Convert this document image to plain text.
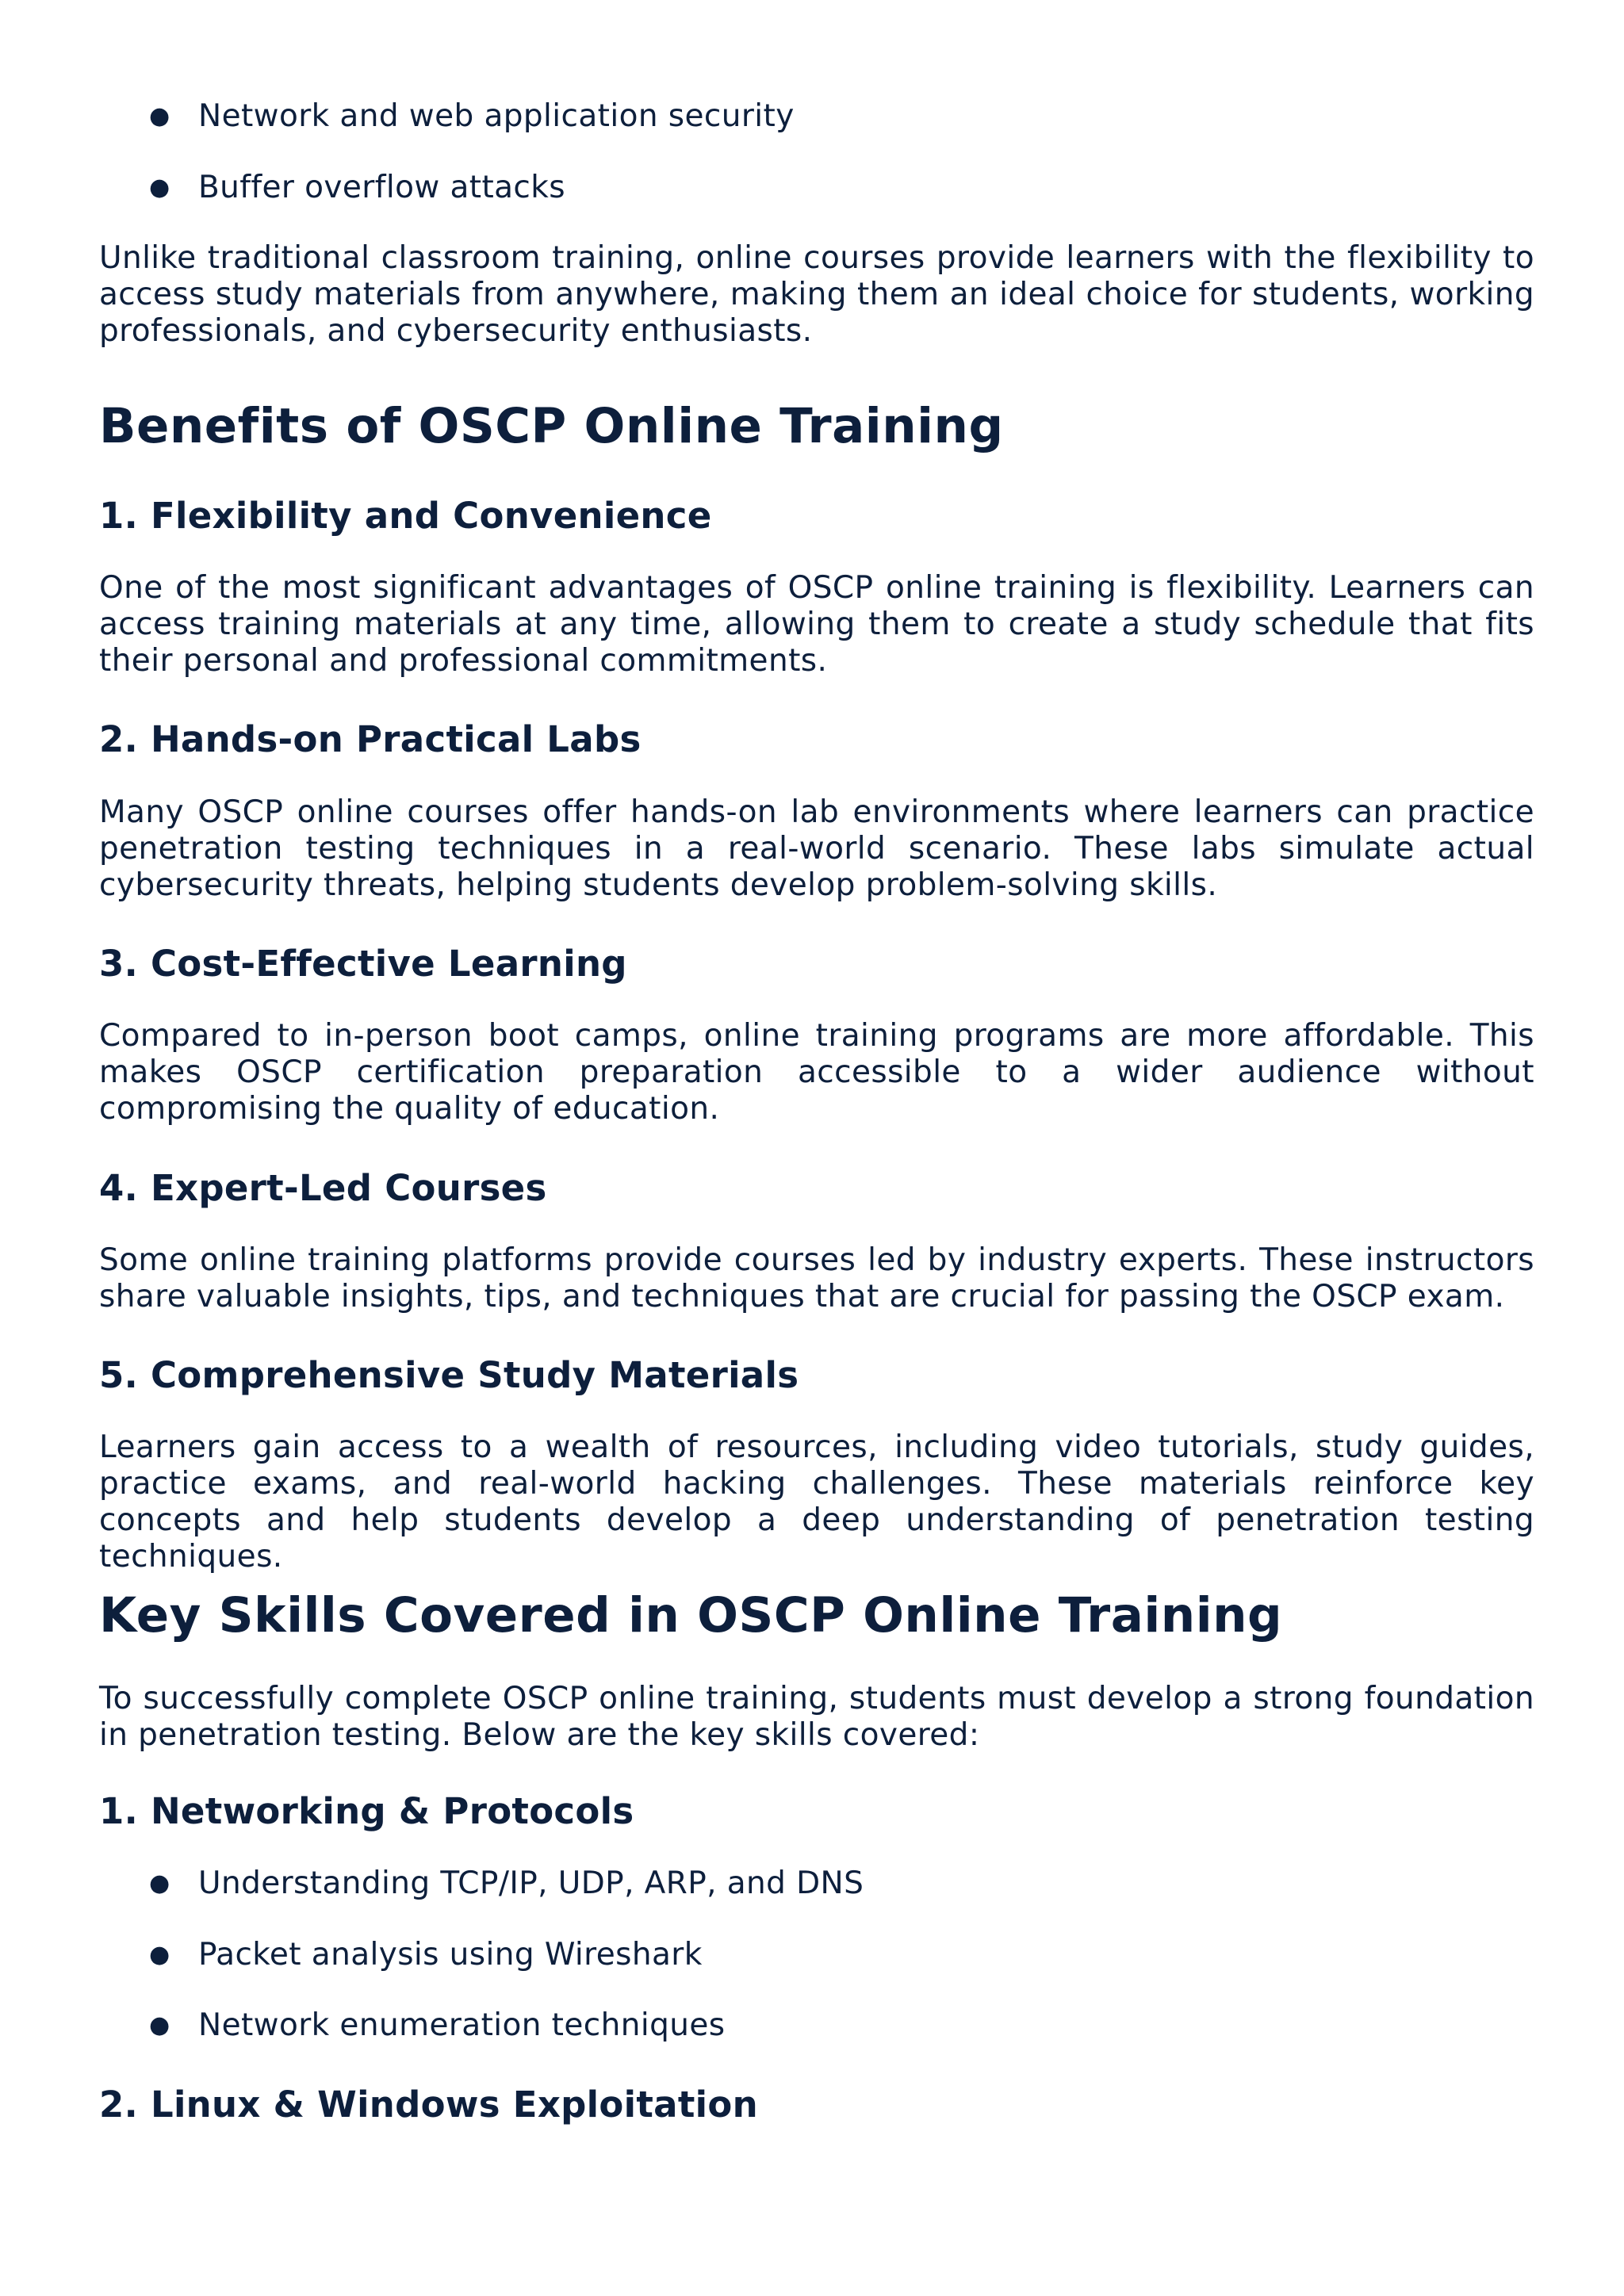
● Network and web application security
● Buffer overflow attacks

Unlike traditional classroom training, online courses provide learners with the flexibility to access study materials from anywhere, making them an ideal choice for students, working professionals, and cybersecurity enthusiasts.

Benefits of OSCP Online Training
1. Flexibility and Convenience

One of the most significant advantages of OSCP online training is flexibility. Learners can access training materials at any time, allowing them to create a study schedule that fits their personal and professional commitments.

2. Hands-on Practical Labs

Many OSCP online courses offer hands-on lab environments where learners can practice penetration testing techniques in a real-world scenario. These labs simulate actual cybersecurity threats, helping students develop problem-solving skills.

3. Cost-Effective Learning

Compared to in-person boot camps, online training programs are more affordable. This makes OSCP certification preparation accessible to a wider audience without compromising the quality of education.

4. Expert-Led Courses

Some online training platforms provide courses led by industry experts. These instructors share valuable insights, tips, and techniques that are crucial for passing the OSCP exam.

5. Comprehensive Study Materials

Learners gain access to a wealth of resources, including video tutorials, study guides, practice exams, and real-world hacking challenges. These materials reinforce key concepts and help students develop a deep understanding of penetration testing techniques.

Key Skills Covered in OSCP Online Training

To successfully complete OSCP online training, students must develop a strong foundation in penetration testing. Below are the key skills covered:

1. Networking & Protocols
● Understanding TCP/IP, UDP, ARP, and DNS
● Packet analysis using Wireshark
● Network enumeration techniques
2. Linux & Windows Exploitation
